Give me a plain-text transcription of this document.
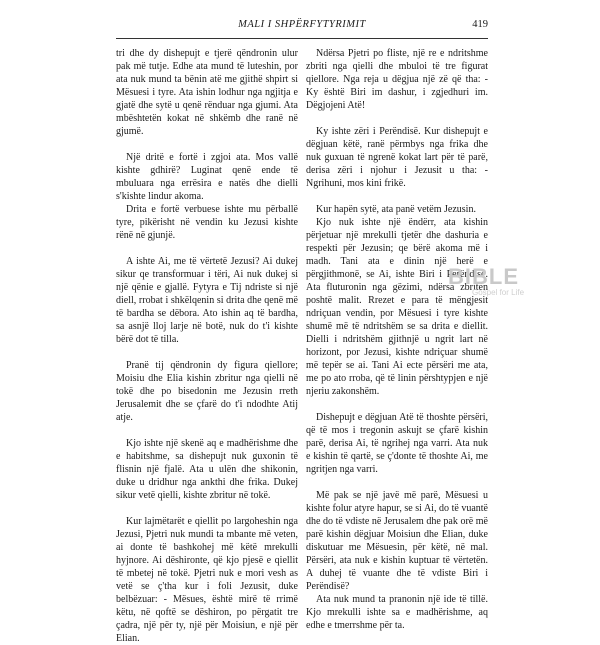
MALI I SHPËRFYTYRIMIT	419

tri dhe dy dishepujt e tjerë qëndronin ulur pak më tutje. Edhe ata mund të luteshin, por ata nuk mund ta bënin atë me gjithë shpirt si Mësuesi i tyre. Ata ishin lodhur nga ngjitja e gjatë dhe sytë u qenë rënduar nga gjumi. Ata mbështetën kokat në shkëmb dhe ranë në gjumë.

Një dritë e fortë i zgjoi ata. Mos vallë kishte gdhirë? Luginat qenë ende të mbuluara nga errësira e natës dhe dielli s'kishte lindur akoma.

Drita e fortë verbuese ishte mu përballë tyre, pikërisht në vendin ku Jezusi kishte rënë në gjunjë.

A ishte Ai, me të vërtetë Jezusi? Ai dukej sikur qe transformuar i tëri, Ai nuk dukej si një qënie e gjallë. Fytyra e Tij ndriste si një diell, rrobat i shkëlqenin si drita dhe qenë më të bardha se dëbora. Ato ishin aq të bardha, sa asnjë lloj larje në botë, nuk do t'i kishte bërë dot të tilla.

Pranë tij qëndronin dy figura qiellore; Moisiu dhe Elia kishin zbritur nga qielli në tokë dhe po bisedonin me Jezusin rreth Jerusalemit dhe se çfarë do t'i ndodhte Atij atje.

Kjo ishte një skenë aq e madhërishme dhe e habitshme, sa dishepujt nuk guxonin të flisnin një fjalë. Ata u ulën dhe shikonin, duke u dridhur nga ankthi dhe frika. Dukej sikur vetë qielli, kishte zbritur në tokë.

Kur lajmëtarët e qiellit po largoheshin nga Jezusi, Pjetri nuk mundi ta mbante më veten, ai donte të bashkohej më këtë mrekulli hyjnore. Ai dëshironte, që kjo pjesë e qiellit të mbetej në tokë. Pjetri nuk e mori vesh as vetë se ç'tha kur i foli Jezusit, duke belbëzuar: - Mësues, është mirë të rrimë këtu, në qoftë se dëshiron, po përgatit tre çadra, një për ty, një për Moisiun, e një për Elian.

Ndërsa Pjetri po fliste, një re e ndritshme zbriti nga qielli dhe mbuloi të tre figurat qiellore. Nga reja u dëgjua një zë që tha: - Ky është Biri im dashur, i zgjedhuri im. Dëgjojeni Atë!

Ky ishte zëri i Perëndisë. Kur dishepujt e dëgjuan këtë, ranë përmbys nga frika dhe nuk guxuan të ngrenë kokat lart për të parë, derisa zëri i njohur i Jezusit u tha: - Ngrihuni, mos kini frikë.

Kur hapën sytë, ata panë vetëm Jezusin.

Kjo nuk ishte një ëndërr, ata kishin përjetuar një mrekulli tjetër dhe dashuria e respekti për Jezusin; qe bërë akoma më i madh. Tani ata e dinin një herë e përgjithmonë, se Ai, ishte Biri i Perëndisë. Ata fluturonin nga gëzimi, ndërsa zbritën poshtë malit. Rrezet e para të mëngjesit ndriçuan vendin, por Mësuesi i tyre kishte shumë më të ndritshëm se sa drita e diellit. Dielli i ndritshëm gjithnjë u ngrit lart në horizont, por Jezusi, kishte ndriçuar shumë më tepër se ai. Tani Ai ecte përsëri me ata, me po ato rroba, që të linin përshtypjen e një njeriu zakonshëm.

Dishepujt e dëgjuan Atë të thoshte përsëri, që të mos i tregonin askujt se çfarë kishin parë, derisa Ai, të ngrihej nga varri. Ata nuk e kishin të qartë, se ç'donte të thoshte Ai, me ngritjen nga varri.

Më pak se një javë më parë, Mësuesi u kishte folur atyre hapur, se si Ai, do të vuantë dhe do të vdiste në Jerusalem dhe pak orë më parë kishin dëgjuar Moisiun dhe Elian, duke diskutuar me Mësuesin, për këtë, në mal. Përsëri, ata nuk e kishin kuptuar të vërtetën. A duhej të vuante dhe të vdiste Biri i Perëndisë?

Ata nuk mund ta pranonin një ide të tillë. Kjo mrekulli ishte sa e madhërishme, aq edhe e tmerrshme për ta.

BIBLE
Gospel for Life
